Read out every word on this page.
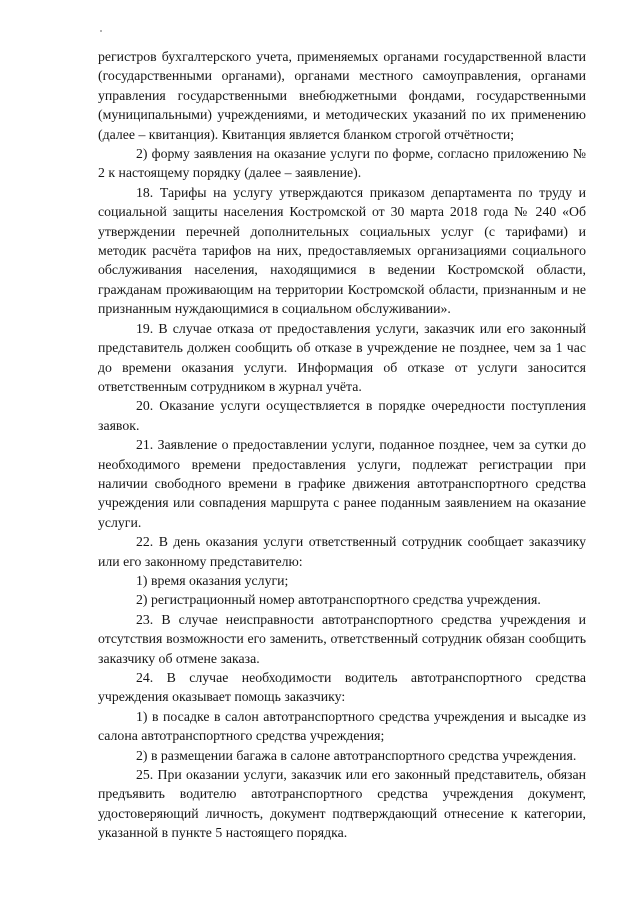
регистров бухгалтерского учета, применяемых органами государственной власти (государственными органами), органами местного самоуправления, органами управления государственными внебюджетными фондами, государственными (муниципальными) учреждениями, и методических указаний по их применению (далее – квитанция). Квитанция является бланком строгой отчётности;

2) форму заявления на оказание услуги по форме, согласно приложению № 2 к настоящему порядку (далее – заявление).

18. Тарифы на услугу утверждаются приказом департамента по труду и социальной защиты населения Костромской от 30 марта 2018 года № 240 «Об утверждении перечней дополнительных социальных услуг (с тарифами) и методик расчёта тарифов на них, предоставляемых организациями социального обслуживания населения, находящимися в ведении Костромской области, гражданам проживающим на территории Костромской области, признанным и не признанным нуждающимися в социальном обслуживании».

19. В случае отказа от предоставления услуги, заказчик или его законный представитель должен сообщить об отказе в учреждение не позднее, чем за 1 час до времени оказания услуги. Информация об отказе от услуги заносится ответственным сотрудником в журнал учёта.

20. Оказание услуги осуществляется в порядке очередности поступления заявок.

21. Заявление о предоставлении услуги, поданное позднее, чем за сутки до необходимого времени предоставления услуги, подлежат регистрации при наличии свободного времени в графике движения автотранспортного средства учреждения или совпадения маршрута с ранее поданным заявлением на оказание услуги.

22. В день оказания услуги ответственный сотрудник сообщает заказчику или его законному представителю:

1) время оказания услуги;

2) регистрационный номер автотранспортного средства учреждения.

23. В случае неисправности автотранспортного средства учреждения и отсутствия возможности его заменить, ответственный сотрудник обязан сообщить заказчику об отмене заказа.

24. В случае необходимости водитель автотранспортного средства учреждения оказывает помощь заказчику:

1) в посадке в салон автотранспортного средства учреждения и высадке из салона автотранспортного средства учреждения;

2) в размещении багажа в салоне автотранспортного средства учреждения.

25. При оказании услуги, заказчик или его законный представитель, обязан предъявить водителю автотранспортного средства учреждения документ, удостоверяющий личность, документ подтверждающий отнесение к категории, указанной в пункте 5 настоящего порядка.
